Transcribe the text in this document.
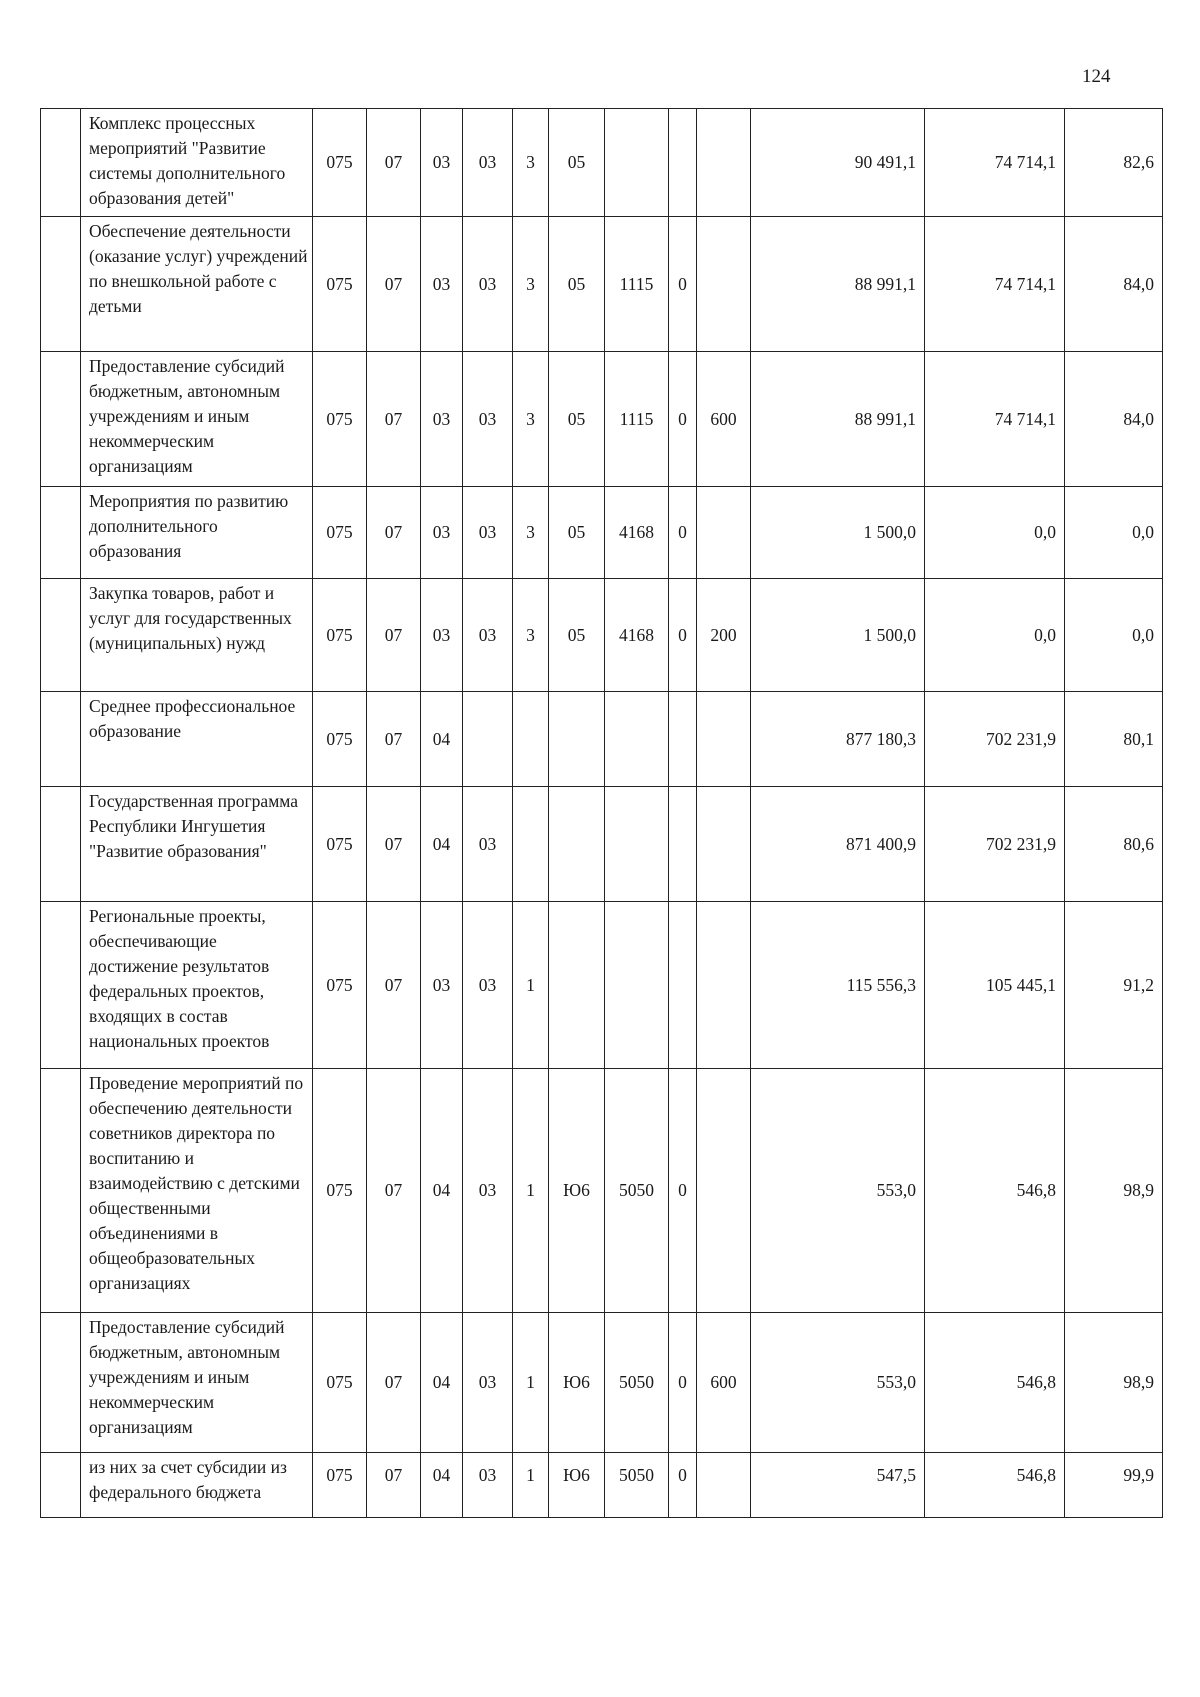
124
	Комплекс процессных мероприятий "Развитие системы дополнительного образования детей"	075	07	03	03	3	05				90 491,1	74 714,1	82,6
	Обеспечение деятельности (оказание услуг) учреждений по внешкольной работе с детьми	075	07	03	03	3	05	1115	0		88 991,1	74 714,1	84,0
	Предоставление субсидий бюджетным, автономным учреждениям и иным некоммерческим организациям	075	07	03	03	3	05	1115	0	600	88 991,1	74 714,1	84,0
	Мероприятия по развитию дополнительного образования	075	07	03	03	3	05	4168	0		1 500,0	0,0	0,0
	Закупка товаров, работ и услуг для государственных (муниципальных) нужд	075	07	03	03	3	05	4168	0	200	1 500,0	0,0	0,0
	Среднее профессиональное образование	075	07	04							877 180,3	702 231,9	80,1
	Государственная программа Республики Ингушетия "Развитие образования"	075	07	04	03						871 400,9	702 231,9	80,6
	Региональные проекты, обеспечивающие достижение результатов федеральных проектов, входящих в состав национальных проектов	075	07	03	03	1					115 556,3	105 445,1	91,2
	Проведение мероприятий по обеспечению деятельности советников директора по воспитанию и взаимодействию с детскими общественными объединениями в общеобразовательных организациях	075	07	04	03	1	Ю6	5050	0		553,0	546,8	98,9
	Предоставление субсидий бюджетным, автономным учреждениям и иным некоммерческим организациям	075	07	04	03	1	Ю6	5050	0	600	553,0	546,8	98,9
	из них за счет субсидии из федерального бюджета	075	07	04	03	1	Ю6	5050	0		547,5	546,8	99,9
